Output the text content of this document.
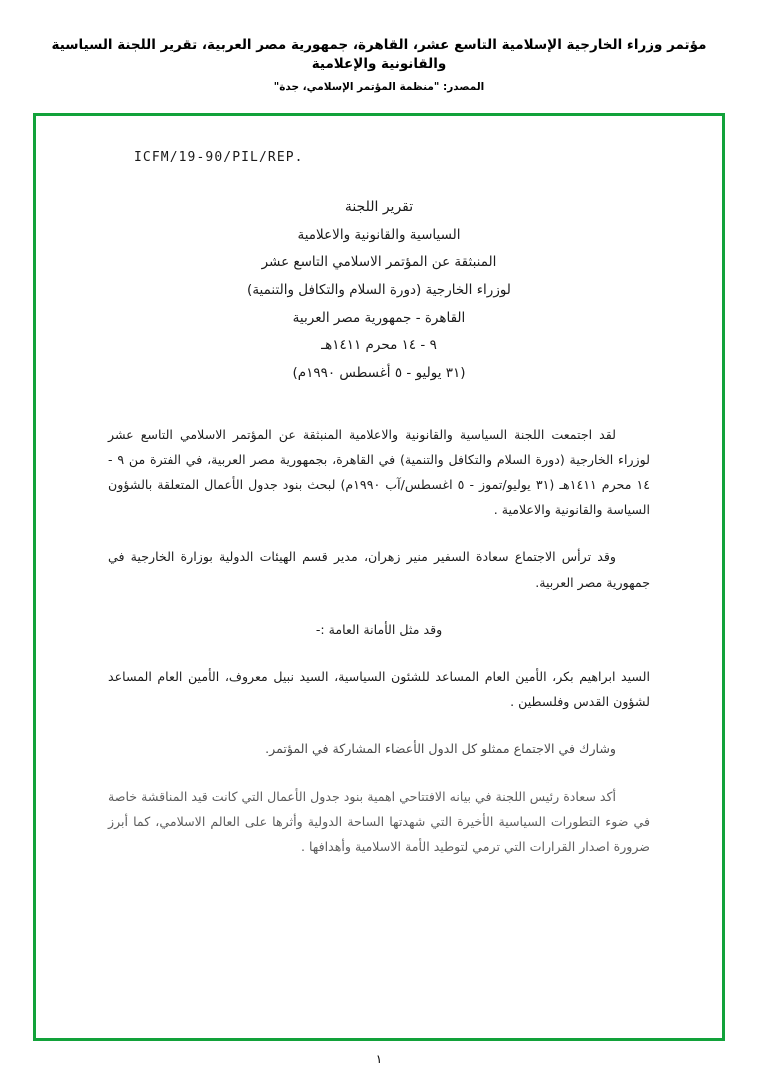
مؤتمر وزراء الخارجية الإسلامية التاسع عشر، القاهرة، جمهورية مصر العربية، تقرير اللجنة السياسية والقانونية والإعلامية
المصدر: "منظمة المؤتمر الإسلامي، جدة"
ICFM/19-90/PIL/REP.
تقرير اللجنة
السياسية والقانونية والاعلامية
المنبثقة عن المؤتمر الاسلامي التاسع عشر
لوزراء الخارجية (دورة السلام والتكافل والتنمية)
القاهرة - جمهورية مصر العربية
٩ - ١٤ محرم ١٤١١هـ
(٣١ يوليو - ٥ أغسطس ١٩٩٠م)

لقد اجتمعت اللجنة السياسية والقانونية والاعلامية المنبثقة عن المؤتمر الاسلامي التاسع عشر لوزراء الخارجية (دورة السلام والتكافل والتنمية) في القاهرة، بجمهورية مصر العربية، في الفترة من ٩ - ١٤ محرم ١٤١١هـ (٣١ يوليو/تموز - ٥ اغسطس/آب ١٩٩٠م) لبحث بنود جدول الأعمال المتعلقة بالشؤون السياسة والقانونية والاعلامية .

وقد ترأس الاجتماع سعادة السفير منير زهران، مدير قسم الهيئات الدولية بوزارة الخارجية في جمهورية مصر العربية.

وقد مثل الأمانة العامة :-

السيد ابراهيم بكر، الأمين العام المساعد للشئون السياسية، السيد نبيل معروف، الأمين العام المساعد لشؤون القدس وفلسطين .

وشارك في الاجتماع ممثلو كل الدول الأعضاء المشاركة في المؤتمر.

أكد سعادة رئيس اللجنة في بيانه الافتتاحي اهمية بنود جدول الأعمال التي كانت قيد المناقشة خاصة في ضوء التطورات السياسية الأخيرة التي شهدتها الساحة الدولية وأثرها على العالم الاسلامي، كما أبرز ضرورة اصدار القرارات التي ترمي لتوطيد الأمة الاسلامية وأهدافها .

١
